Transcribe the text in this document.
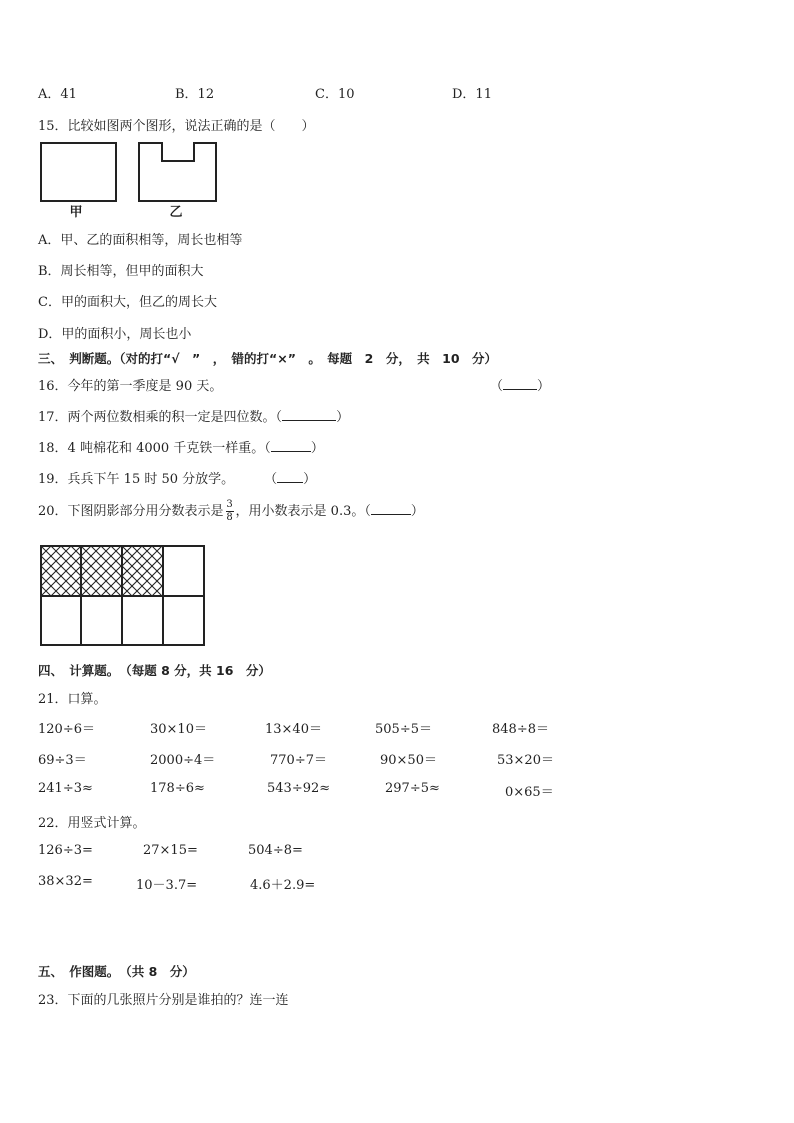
A．41	B．12	C．10	D．11
15．比较如图两个图形，说法正确的是（　　）
甲	乙
A．甲、乙的面积相等，周长也相等
B．周长相等，但甲的面积大
C．甲的面积大，但乙的周长大
D．甲的面积小，周长也小
三、　判断题。（对的打“√　”　，　错的打“×”　。　每题　2　分，　共　10　分）
16．今年的第一季度是 90 天。	（	）
17．两个两位数相乘的积一定是四位数。（	）
18．4 吨棉花和 4000 千克铁一样重。（	）
19．兵兵下午 15 时 50 分放学。 （ ）
20．下图阴影部分用分数表示是 $\frac{3}{8}$ ，用小数表示是 0.3。（	）
四、　计算题。　（每题 8 分，共 16　分）
21．口算。
120÷6＝	30×10＝	13×40＝	505÷5＝	848÷8＝
69÷3＝	2000÷4＝	770÷7＝	90×50＝	53×20＝
241÷3≈	178÷6≈	543÷92≈	297÷5≈	0×65＝
22．用竖式计算。
126÷3=	27×15=	504÷8=
38×32=	10－3.7=	4.6＋2.9=
五、　作图题。　（共 8　分）
23．下面的几张照片分别是谁拍的？连一连
